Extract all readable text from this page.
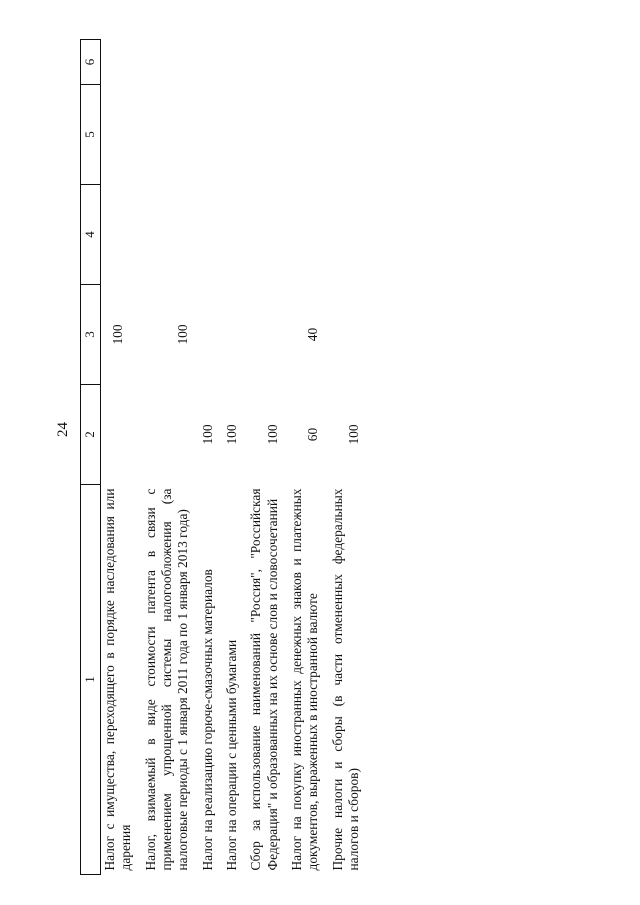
24
1	2	3	4	5	6
Налог с имущества, переходящего в порядке наследования или дарения		100			
Налог, взимаемый в виде стоимости патента в связи с применением упрощенной системы налогообложения (за налоговые периоды с 1 января 2011 года по 1 января 2013 года)		100			
Налог на реализацию горюче-смазочных материалов	100				
Налог на операции с ценными бумагами	100				
Сбор за использование наименований "Россия", "Российская Федерация" и образованных на их основе слов и словосочетаний	100				
Налог на покупку иностранных денежных знаков и платежных документов, выраженных в иностранной валюте	60	40			
Прочие налоги и сборы (в части отмененных федеральных налогов и сборов)	100				
